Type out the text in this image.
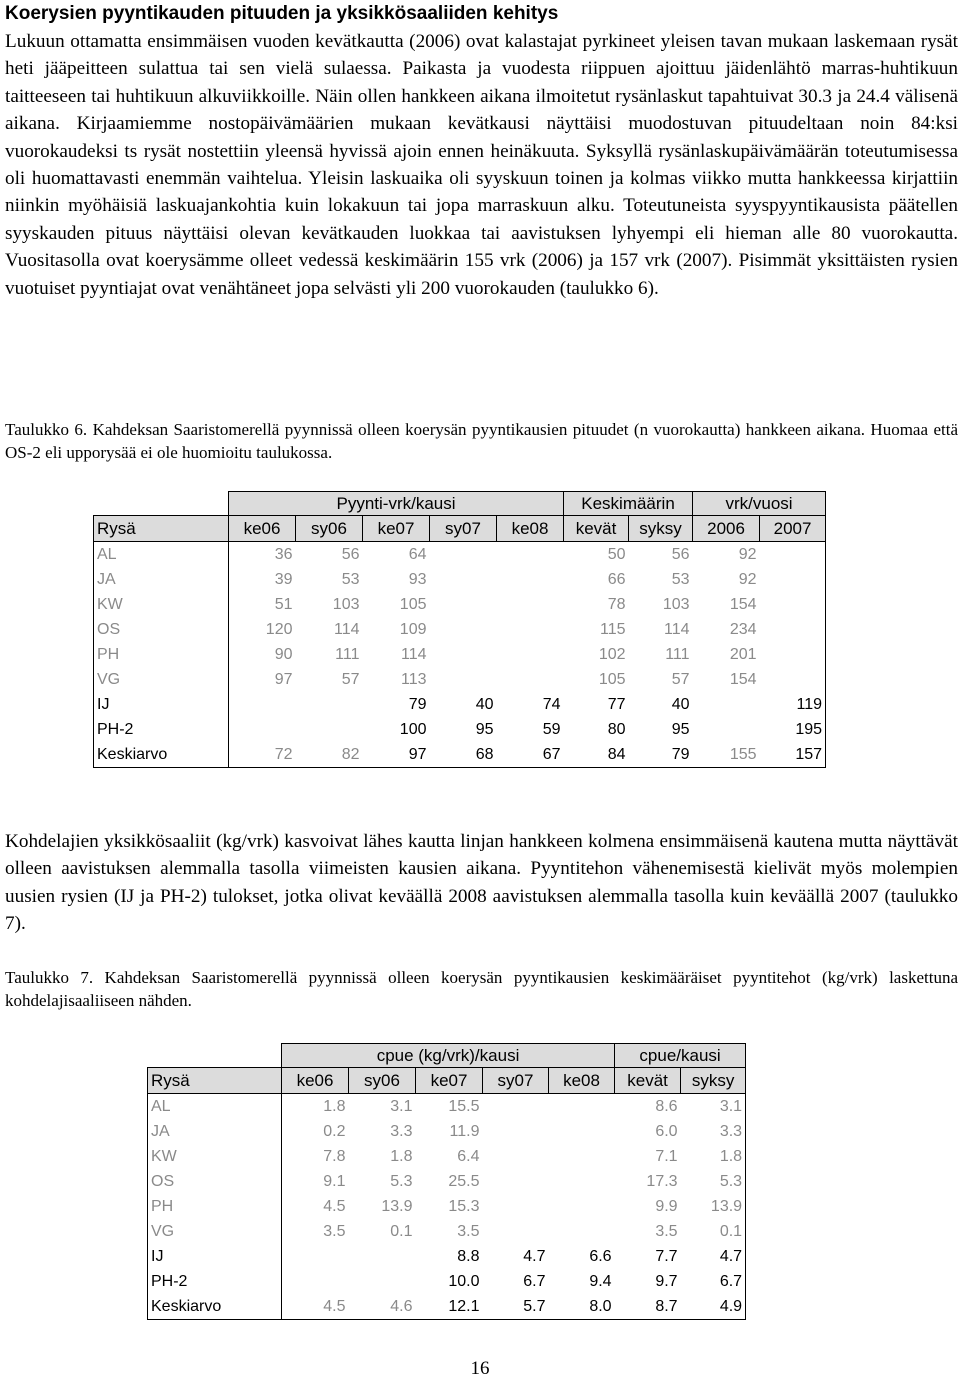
Koerysien pyyntikauden pituuden ja yksikkösaaliiden kehitys

Lukuun ottamatta ensimmäisen vuoden kevätkautta (2006) ovat kalastajat pyrkineet yleisen tavan mukaan laskemaan rysät heti jääpeitteen sulattua tai sen vielä sulaessa. Paikasta ja vuodesta riippuen ajoittuu jäidenlähtö marras-huhtikuun taitteeseen tai huhtikuun alkuviikkoille. Näin ollen hankkeen aikana ilmoitetut rysänlaskut tapahtuivat 30.3 ja 24.4 välisenä aikana. Kirjaamiemme nostopäivämäärien mukaan kevätkausi näyttäisi muodostuvan pituudeltaan noin 84:ksi vuorokaudeksi ts rysät nostettiin yleensä hyvissä ajoin ennen heinäkuuta. Syksyllä rysänlaskupäivämäärän toteutumisessa oli huomattavasti enemmän vaihtelua. Yleisin laskuaika oli syyskuun toinen ja kolmas viikko mutta hankkeessa kirjattiin niinkin myöhäisiä laskuajankohtia kuin lokakuun tai jopa marraskuun alku. Toteutuneista syyspyyntikausista päätellen syyskauden pituus näyttäisi olevan kevätkauden luokkaa tai aavistuksen lyhyempi eli hieman alle 80 vuorokautta. Vuositasolla ovat koerysämme olleet vedessä keskimäärin 155 vrk (2006) ja 157 vrk (2007). Pisimmät yksittäisten rysien vuotuiset pyyntiajat ovat venähtäneet jopa selvästi yli 200 vuorokauden (taulukko 6).

Taulukko 6. Kahdeksan Saaristomerellä pyynnissä olleen koerysän pyyntikausien pituudet (n vuorokautta) hankkeen aikana. Huomaa että OS-2 eli upporysää ei ole huomioitu taulukossa.

	Pyynti-vrk/kausi					Keskimäärin		vrk/vuosi	
Rysä	ke06	sy06	ke07	sy07	ke08	kevät	syksy	2006	2007
AL	36	56	64			50	56	92	
JA	39	53	93			66	53	92	
KW	51	103	105			78	103	154	
OS	120	114	109			115	114	234	
PH	90	111	114			102	111	201	
VG	97	57	113			105	57	154	
IJ			79	40	74	77	40		119
PH-2			100	95	59	80	95		195
Keskiarvo	72	82	97	68	67	84	79	155	157

Kohdelajien yksikkösaaliit (kg/vrk) kasvoivat lähes kautta linjan hankkeen kolmena ensimmäisenä kautena mutta näyttävät olleen aavistuksen alemmalla tasolla viimeisten kausien aikana. Pyyntitehon vähenemisestä kielivät myös molempien uusien rysien (IJ ja PH-2) tulokset, jotka olivat keväällä 2008 aavistuksen alemmalla tasolla kuin keväällä 2007 (taulukko 7).

Taulukko 7. Kahdeksan Saaristomerellä pyynnissä olleen koerysän pyyntikausien keskimääräiset pyyntitehot (kg/vrk) laskettuna kohdelajisaaliiseen nähden.

	cpue (kg/vrk)/kausi					cpue/kausi	
Rysä	ke06	sy06	ke07	sy07	ke08	kevät	syksy
AL	1.8	3.1	15.5			8.6	3.1
JA	0.2	3.3	11.9			6.0	3.3
KW	7.8	1.8	6.4			7.1	1.8
OS	9.1	5.3	25.5			17.3	5.3
PH	4.5	13.9	15.3			9.9	13.9
VG	3.5	0.1	3.5			3.5	0.1
IJ			8.8	4.7	6.6	7.7	4.7
PH-2			10.0	6.7	9.4	9.7	6.7
Keskiarvo	4.5	4.6	12.1	5.7	8.0	8.7	4.9
16
